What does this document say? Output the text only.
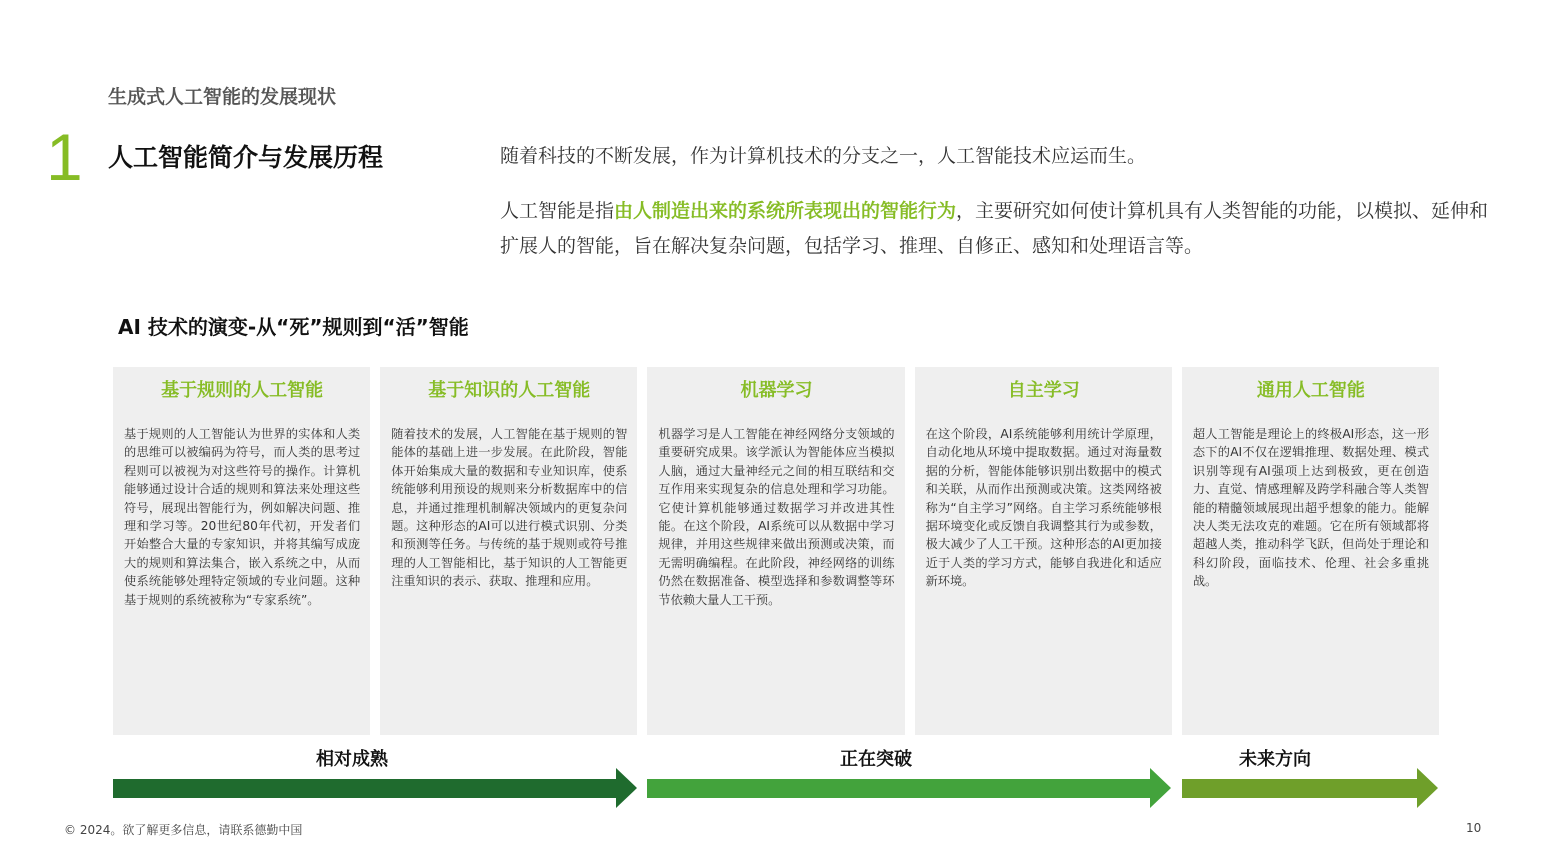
生成式人工智能的发展现状
1 人工智能简介与发展历程	随着科技的不断发展，作为计算机技术的分支之一，人工智能技术应运而生。
人工智能是指由人制造出来的系统所表现出的智能行为，主要研究如何使计算机具有人类智能的功能，以模拟、延伸和扩展人的智能，旨在解决复杂问题，包括学习、推理、自修正、感知和处理语言等。
AI 技术的演变-从“死”规则到“活”智能
基于规则的人工智能
基于规则的人工智能认为世界的实体和人类的思维可以被编码为符号，而人类的思考过程则可以被视为对这些符号的操作。计算机能够通过设计合适的规则和算法来处理这些符号，展现出智能行为，例如解决问题、推理和学习等。20世纪80年代初，开发者们开始整合大量的专家知识，并将其编写成庞大的规则和算法集合，嵌入系统之中，从而使系统能够处理特定领域的专业问题。这种基于规则的系统被称为“专家系统”。
基于知识的人工智能
随着技术的发展，人工智能在基于规则的智能体的基础上进一步发展。在此阶段，智能体开始集成大量的数据和专业知识库，使系统能够利用预设的规则来分析数据库中的信息，并通过推理机制解决领域内的更复杂问题。这种形态的AI可以进行模式识别、分类和预测等任务。与传统的基于规则或符号推理的人工智能相比，基于知识的人工智能更注重知识的表示、获取、推理和应用。
机器学习
机器学习是人工智能在神经网络分支领域的重要研究成果。该学派认为智能体应当模拟人脑，通过大量神经元之间的相互联结和交互作用来实现复杂的信息处理和学习功能。它使计算机能够通过数据学习并改进其性能。在这个阶段，AI系统可以从数据中学习规律，并用这些规律来做出预测或决策，而无需明确编程。在此阶段，神经网络的训练仍然在数据准备、模型选择和参数调整等环节依赖大量人工干预。
自主学习
在这个阶段，AI系统能够利用统计学原理，自动化地从环境中提取数据。通过对海量数据的分析，智能体能够识别出数据中的模式和关联，从而作出预测或决策。这类网络被称为“自主学习”网络。自主学习系统能够根据环境变化或反馈自我调整其行为或参数，极大减少了人工干预。这种形态的AI更加接近于人类的学习方式，能够自我进化和适应新环境。
通用人工智能
超人工智能是理论上的终极AI形态，这一形态下的AI不仅在逻辑推理、数据处理、模式识别等现有AI强项上达到极致，更在创造力、直觉、情感理解及跨学科融合等人类智能的精髓领域展现出超乎想象的能力。能解决人类无法攻克的难题。它在所有领域都将超越人类，推动科学飞跃，但尚处于理论和科幻阶段，面临技术、伦理、社会多重挑战。
相对成熟	正在突破	未来方向
© 2024。欲了解更多信息，请联系德勤中国	10
